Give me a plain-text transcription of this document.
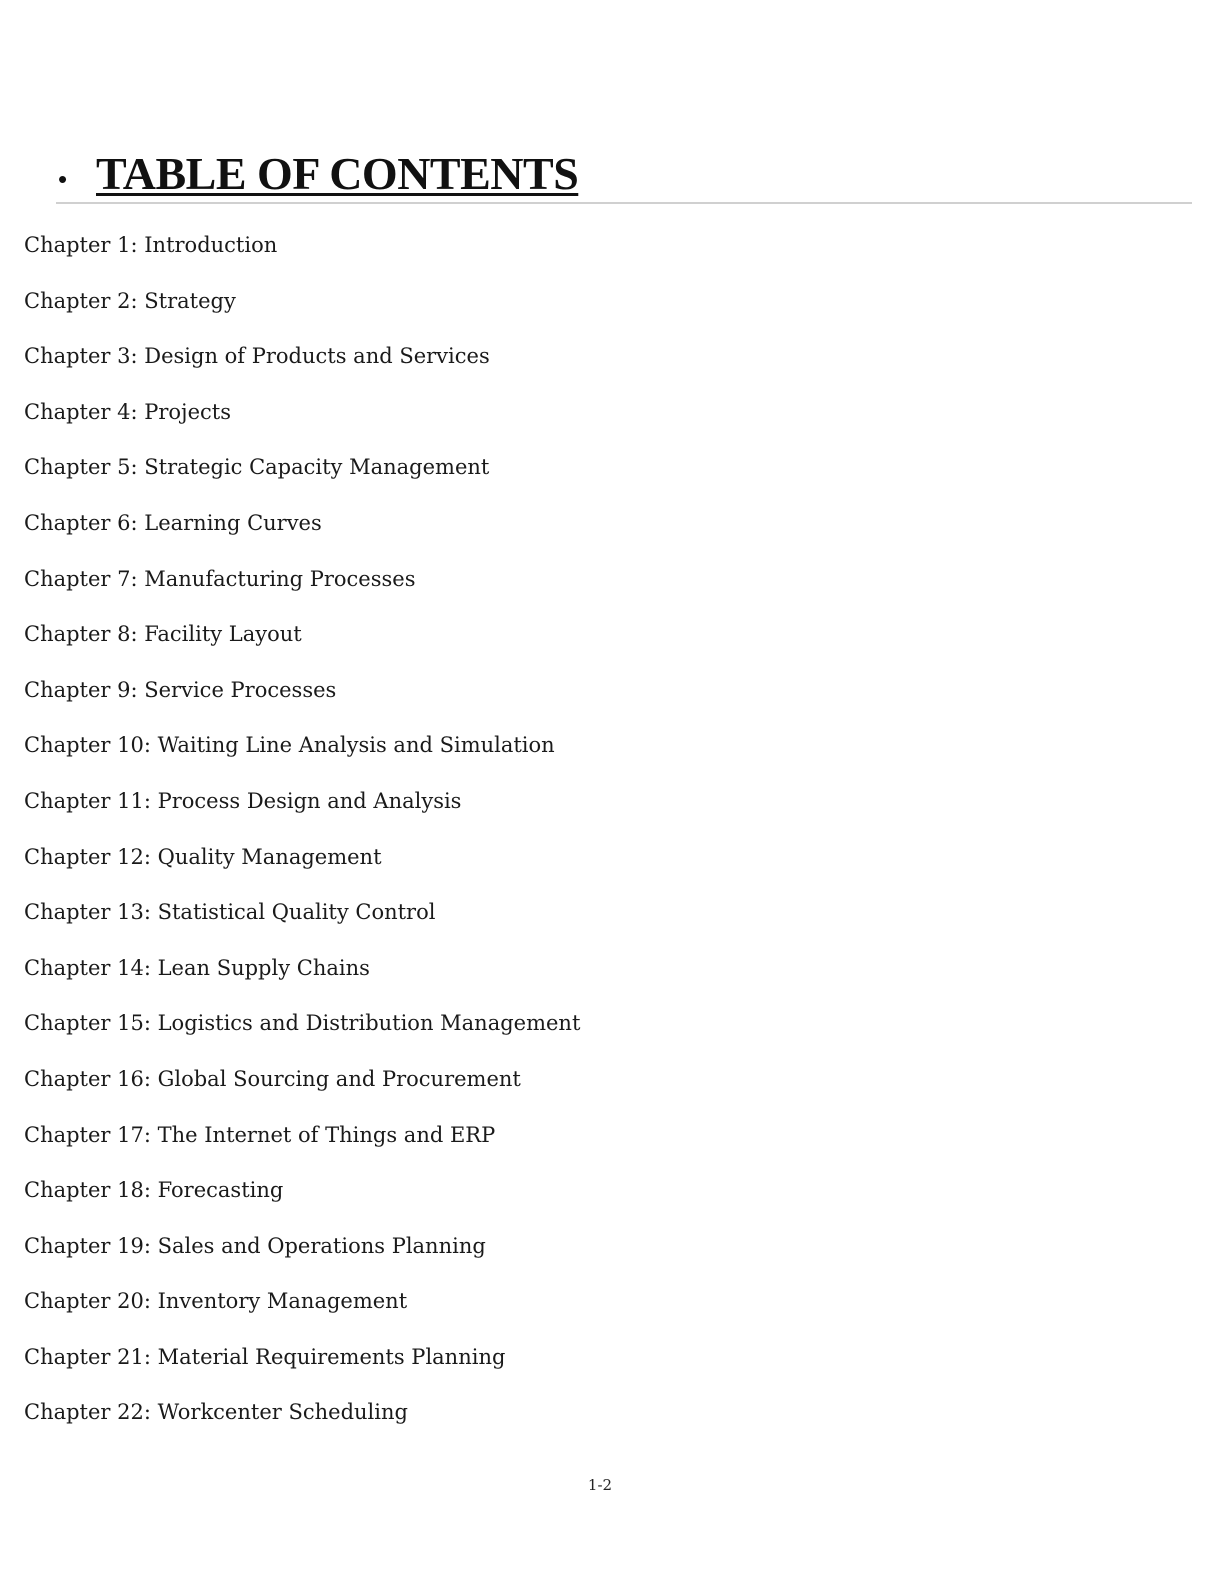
• TABLE OF CONTENTS
Chapter 1: Introduction
Chapter 2: Strategy
Chapter 3: Design of Products and Services
Chapter 4: Projects
Chapter 5: Strategic Capacity Management
Chapter 6: Learning Curves
Chapter 7: Manufacturing Processes
Chapter 8: Facility Layout
Chapter 9: Service Processes
Chapter 10: Waiting Line Analysis and Simulation
Chapter 11: Process Design and Analysis
Chapter 12: Quality Management
Chapter 13: Statistical Quality Control
Chapter 14: Lean Supply Chains
Chapter 15: Logistics and Distribution Management
Chapter 16: Global Sourcing and Procurement
Chapter 17: The Internet of Things and ERP
Chapter 18: Forecasting
Chapter 19: Sales and Operations Planning
Chapter 20: Inventory Management
Chapter 21: Material Requirements Planning
Chapter 22: Workcenter Scheduling
1-2
